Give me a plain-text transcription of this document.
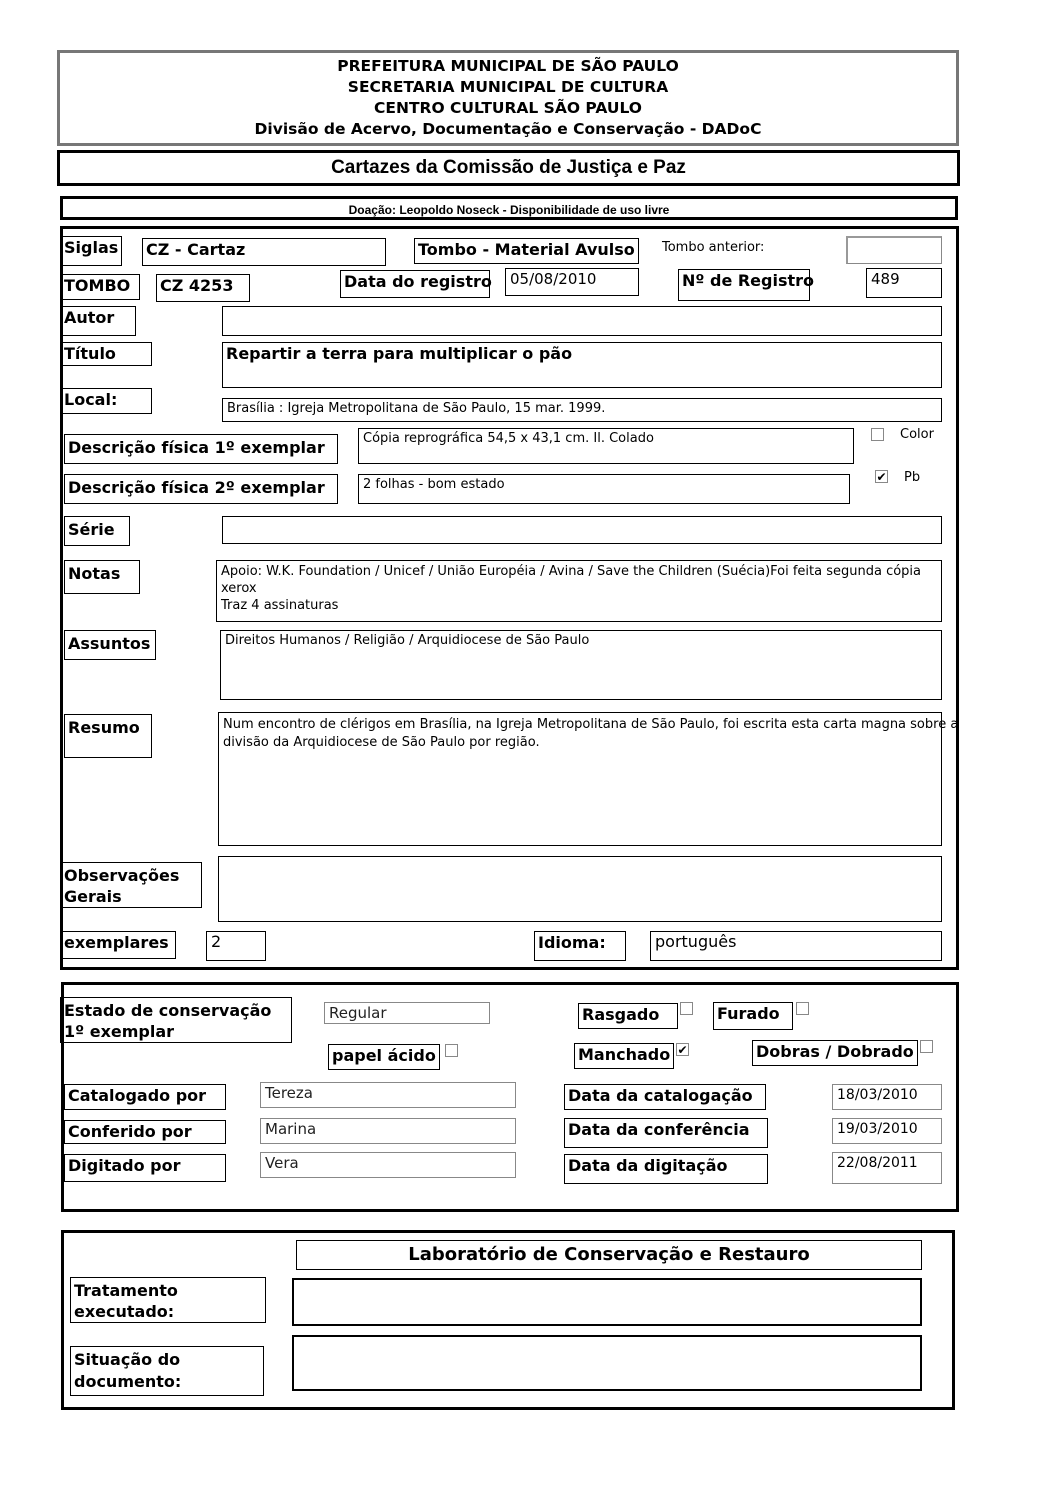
PREFEITURA MUNICIPAL DE SÃO PAULO
SECRETARIA MUNICIPAL DE CULTURA
CENTRO CULTURAL SÃO PAULO
Divisão de Acervo, Documentação e Conservação - DADoC
Cartazes da Comissão de Justiça e Paz
Doação: Leopoldo Noseck - Disponibilidade de uso livre
Siglas CZ - Cartaz	Tombo - Material Avulso	Tombo anterior:
TOMBO	CZ 4253	Data do registro	05/08/2010	Nº de Registro	489
Autor
Título	Repartir a terra para multiplicar o pão
Local:	Brasília : Igreja Metropolitana de São Paulo, 15 mar. 1999.
Descrição física 1º exemplar	Cópia reprográfica 54,5 x 43,1 cm. Il. Colado	Color
Descrição física 2º exemplar	2 folhas - bom estado	✔	Pb
Série
Notas	Apoio: W.K. Foundation / Unicef / União Européia / Avina / Save the Children (Suécia)Foi feita segunda cópia
xerox
Traz 4 assinaturas
Assuntos	Direitos Humanos / Religião / Arquidiocese de São Paulo
Resumo	Num encontro de clérigos em Brasília, na Igreja Metropolitana de São Paulo, foi escrita esta carta magna sobre a
divisão da Arquidiocese de São Paulo por região.
Observações
Gerais
exemplares	2	Idioma:	português
Estado de conservação
1º exemplar
Regular	Rasgado	Furado
papel ácido	Manchado ✔	Dobras / Dobrado
Catalogado por	Tereza	Data da catalogação	18/03/2010
Conferido por	Marina	Data da conferência	19/03/2010
Digitado por	Vera	Data da digitação	22/08/2011
Laboratório de Conservação e Restauro
Tratamento
executado:
Situação do
documento:
